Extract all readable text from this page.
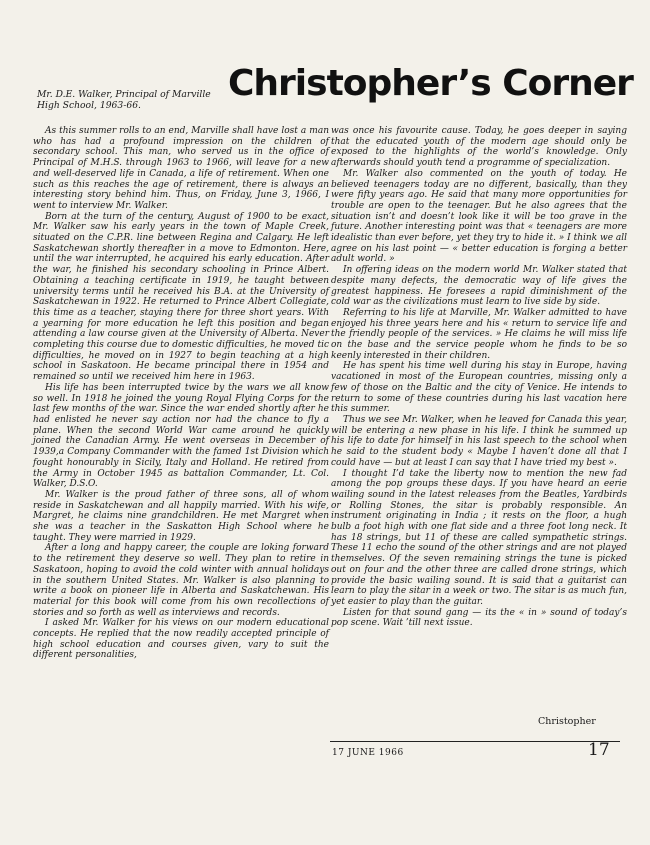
Mr. D.E. Walker, Principal of Marville High School, 1963-66.
Christopher’s Corner

As this summer rolls to an end, Marville shall have lost a man who has had a profound impression on the children of secondary school. This man, who served us in the office of Principal of M.H.S. through 1963 to 1966, will leave for a new and well-deserved life in Canada, a life of retirement. When one such as this reaches the age of retirement, there is always an interesting story behind him. Thus, on Friday, June 3, 1966, I went to interview Mr. Walker.

Born at the turn of the century, August of 1900 to be exact, Mr. Walker saw his early years in the town of Maple Creek, situated on the C.P.R. line between Regina and Calgary. He left Saskatchewan shortly thereafter in a move to Edmonton. Here, until the war interrupted, he acquired his early education. After the war, he finished his secondary schooling in Prince Albert. Obtaining a teaching certificate in 1919, he taught between university terms until he received his B.A. at the University of Saskatchewan in 1922. He returned to Prince Albert Collegiate, this time as a teacher, staying there for three short years. With a yearning for more education he left this position and began attending a law course given at the University of Alberta. Never completing this course due to domestic difficulties, he moved tic difficulties, he moved on in 1927 to begin teaching at a high school in Saskatoon. He became principal there in 1954 and remained so until we received him here in 1963.

His life has been interrupted twice by the wars we all know so well. In 1918 he joined the young Royal Flying Corps for the last few months of the war. Since the war ended shortly after he had enlisted he never say action nor had the chance to fly a plane. When the second World War came around he quickly joined the Canadian Army. He went overseas in December of 1939,a Company Commander with the famed 1st Division which fought honourably in Sicily, Italy and Holland. He retired from the Army in October 1945 as battalion Commander, Lt. Col. Walker, D.S.O.

Mr. Walker is the proud father of three sons, all of whom reside in Saskatchewan and all happily married. With his wife, Margret, he claims nine grandchildren. He met Margret when she was a teacher in the Saskatton High School where he taught. They were married in 1929.

After a long and happy career, the couple are loking forward to the retirement they deserve so well. They plan to retire in Saskatoon, hoping to avoid the cold winter with annual holidays in the southern United States. Mr. Walker is also planning to write a book on pioneer life in Alberta and Saskatchewan. His material for this book will come from his own recollections of stories and so forth as well as interviews and records.

I asked Mr. Walker for his views on our modern educational concepts. He replied that the now readily accepted principle of high school education and courses given, vary to suit the different personalities,

was once his favourite cause. Today, he goes deeper in saying that the educated youth of the modern age should only be exposed to the highlights of the world’s knowledge. Only afterwards should youth tend a programme of specialization.

Mr. Walker also commented on the youth of today. He believed teenagers today are no different, basically, than they were fifty years ago. He said that many more opportunities for trouble are open to the teenager. But he also agrees that the situation isn’t and doesn’t look like it will be too grave in the future. Another interesting point was that « teenagers are more idealistic than ever before, yet they try to hide it. » I think we all agree on his last point — « better education is forging a better adult world. »

In offering ideas on the modern world Mr. Walker stated that despite many defects, the democratic way of life gives the greatest happiness. He foresees a rapid diminishment of the cold war as the civilizations must learn to live side by side.

Referring to his life at Marville, Mr. Walker admitted to have enjoyed his three years here and his « return to service life and the friendly people of the services. » He claims he will miss life on the base and the service people whom he finds to be so keenly interested in their children.

He has spent his time well during his stay in Europe, having vacationed in most of the European countries, missing only a few of those on the Baltic and the city of Venice. He intends to return to some of these countries during his last vacation here this summer.

Thus we see Mr. Walker, when he leaved for Canada this year, will be entering a new phase in his life. I think he summed up his life to date for himself in his last speech to the school when he said to the student body « Maybe I haven’t done all that I could have — but at least I can say that I have tried my best ».

I thought I’d take the liberty now to mention the new fad among the pop groups these days. If you have heard an eerie wailing sound in the latest releases from the Beatles, Yardbirds or Rolling Stones, the sitar is probably responsible. An instrument originating in India ; it rests on the floor, a hugh bulb a foot high with one flat side and a three foot long neck. It has 18 strings, but 11 of these are called sympathetic strings. These 11 echo the sound of the other strings and are not played themselves. Of the seven remaining strings the tune is picked out on four and the other three are called drone strings, which provide the basic wailing sound. It is said that a guitarist can learn to play the sitar in a week or two. The sitar is as much fun, yet easier to play than the guitar.

Listen for that sound gang — its the « in » sound of today’s pop scene. Wait ’till next issue.

Christopher
17 JUNE 1966	17
